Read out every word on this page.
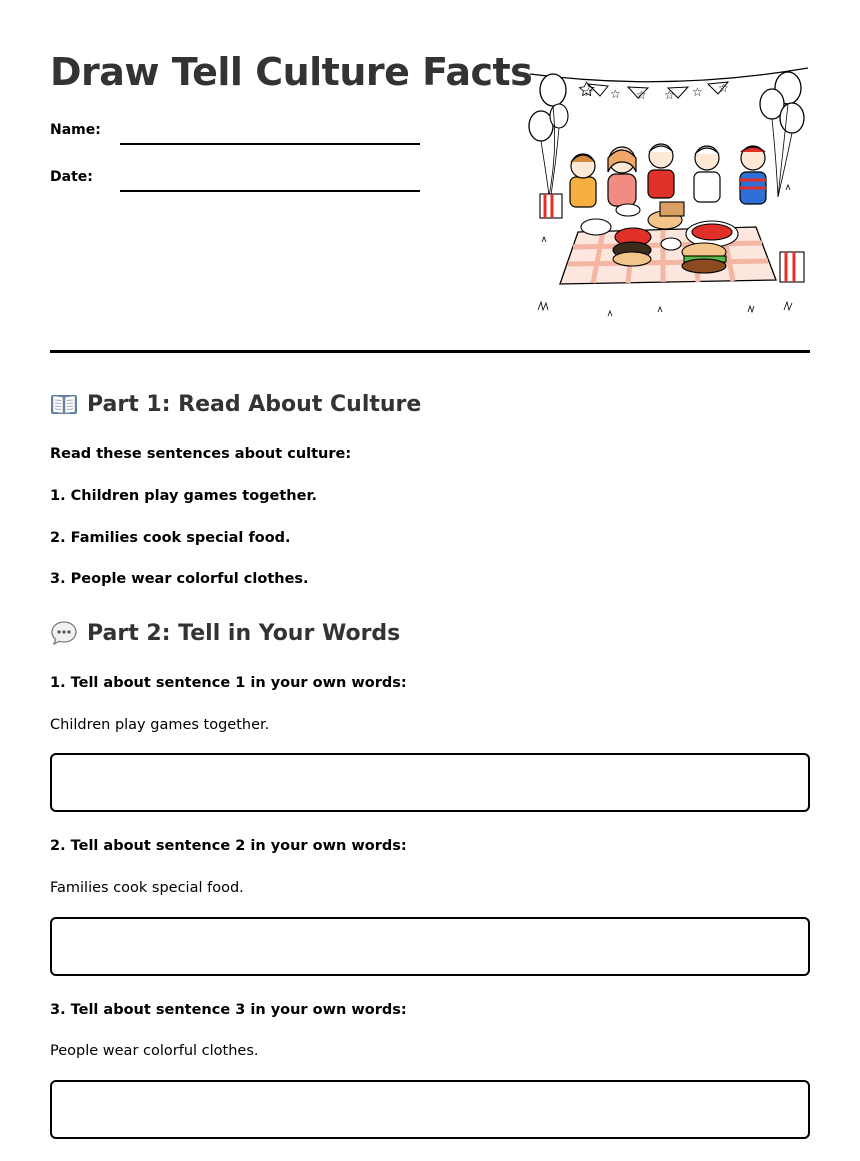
Draw Tell Culture Facts
Name:
Date:
☆ ☆ ☆ ☆ ☆ ☆
Part 1: Read About Culture

Read these sentences about culture:

1. Children play games together.

2. Families cook special food.

3. People wear colorful clothes.

Part 2: Tell in Your Words

1. Tell about sentence 1 in your own words:

Children play games together.

2. Tell about sentence 2 in your own words:

Families cook special food.

3. Tell about sentence 3 in your own words:

People wear colorful clothes.
